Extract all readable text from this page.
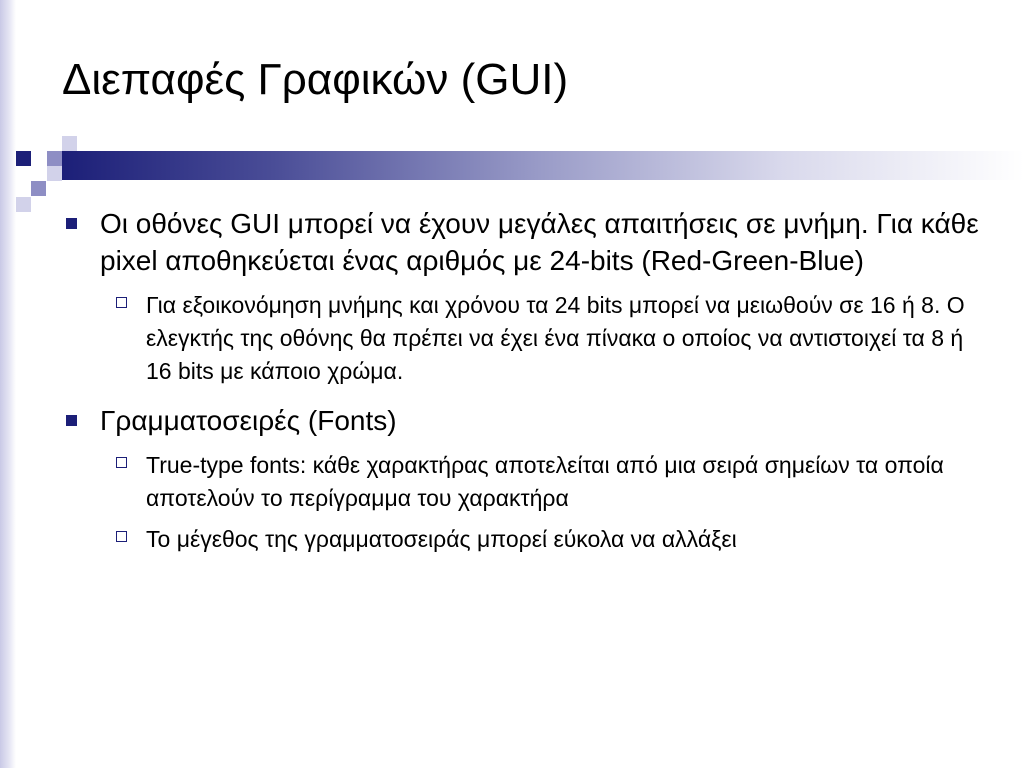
Διεπαφές Γραφικών (GUI)
Οι οθόνες GUI μπορεί να έχουν μεγάλες απαιτήσεις σε μνήμη. Για κάθε pixel αποθηκεύεται ένας αριθμός με 24-bits (Red-Green-Blue)
Για εξοικονόμηση μνήμης και χρόνου τα 24 bits μπορεί να μειωθούν σε 16 ή 8. Ο ελεγκτής της οθόνης θα πρέπει να έχει ένα πίνακα ο οποίος να αντιστοιχεί τα 8 ή 16 bits με κάποιο χρώμα.
Γραμματοσειρές (Fonts)
True-type fonts: κάθε χαρακτήρας αποτελείται από μια σειρά σημείων τα οποία αποτελούν το περίγραμμα του χαρακτήρα
Το μέγεθος της γραμματοσειράς μπορεί εύκολα να αλλάξει
